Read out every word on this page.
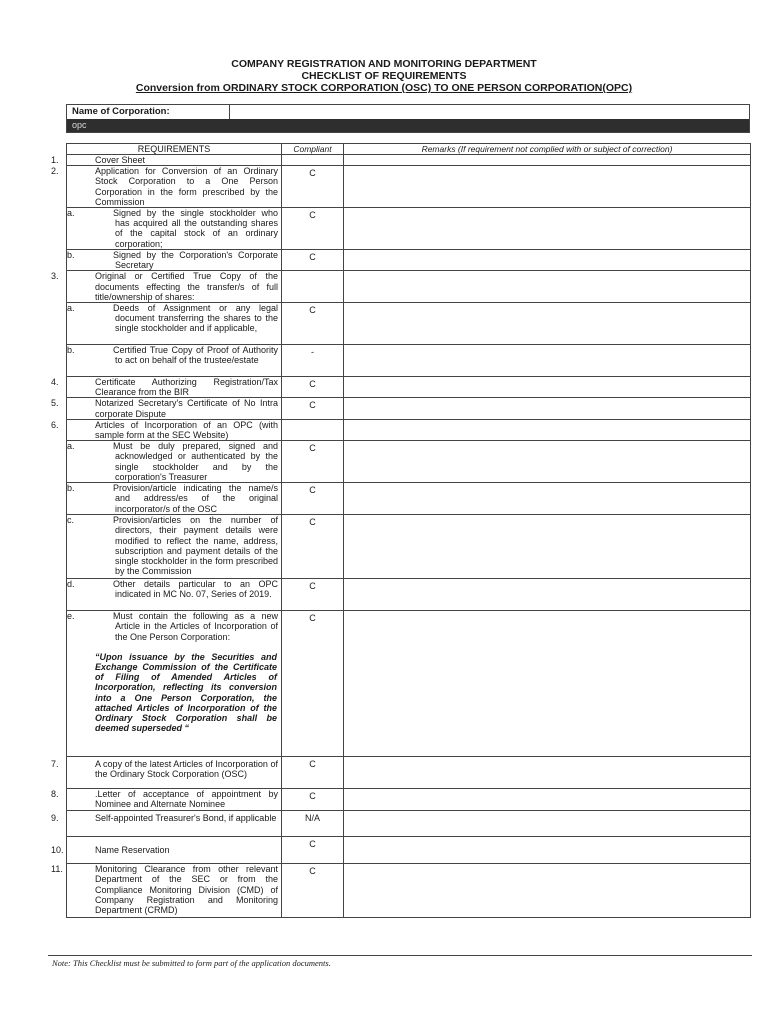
COMPANY REGISTRATION AND MONITORING DEPARTMENT
CHECKLIST OF REQUIREMENTS
Conversion from ORDINARY STOCK CORPORATION (OSC) TO ONE PERSON CORPORATION(OPC)
Name of Corporation:
opc
REQUIREMENTS	Compliant	Remarks (If requirement not complied with or subject of correction)

1. Cover Sheet		

2. Application for Conversion of an Ordinary Stock Corporation to a One Person Corporation in the form prescribed by the Commission	C	

a. Signed by the single stockholder who has acquired all the outstanding shares of the capital stock of an ordinary corporation;	C	

b. Signed by the Corporation's Corporate Secretary	C	

3. Original or Certified True Copy of the documents effecting the transfer/s of full title/ownership of shares:		

a. Deeds of Assignment or any legal document transferring the shares to the single stockholder and if applicable,	C	

b. Certified True Copy of Proof of Authority to act on behalf of the trustee/estate	-	

4. Certificate Authorizing Registration/Tax Clearance from the BIR	C	

5. Notarized Secretary's Certificate of No Intra corporate Dispute	C	

6. Articles of Incorporation of an OPC (with sample form at the SEC Website)		

a. Must be duly prepared, signed and acknowledged or authenticated by the single stockholder and by the corporation's Treasurer	C	

b. Provision/article indicating the name/s and address/es of the original incorporator/s of the OSC	C	

c. Provision/articles on the number of directors, their payment details were modified to reflect the name, address, subscription and payment details of the single stockholder in the form prescribed by the Commission	C	

d. Other details particular to an OPC indicated in MC No. 07, Series of 2019.	C	

e. Must contain the following as a new Article in the Articles of Incorporation of the One Person Corporation:
“Upon issuance by the Securities and Exchange Commission of the Certificate of Filing of Amended Articles of Incorporation, reflecting its conversion into a One Person Corporation, the attached Articles of Incorporation of the Ordinary Stock Corporation shall be deemed superseded “	C	

7. A copy of the latest Articles of Incorporation of the Ordinary Stock Corporation (OSC)	C	

8. .Letter of acceptance of appointment by Nominee and Alternate Nominee	C	

9. Self-appointed Treasurer's Bond, if applicable	N/A	

10. Name Reservation	C	

11. Monitoring Clearance from other relevant Department of the SEC or from the Compliance Monitoring Division (CMD) of Company Registration and Monitoring Department (CRMD)	C	
Note: This Checklist must be submitted to form part of the application documents.
